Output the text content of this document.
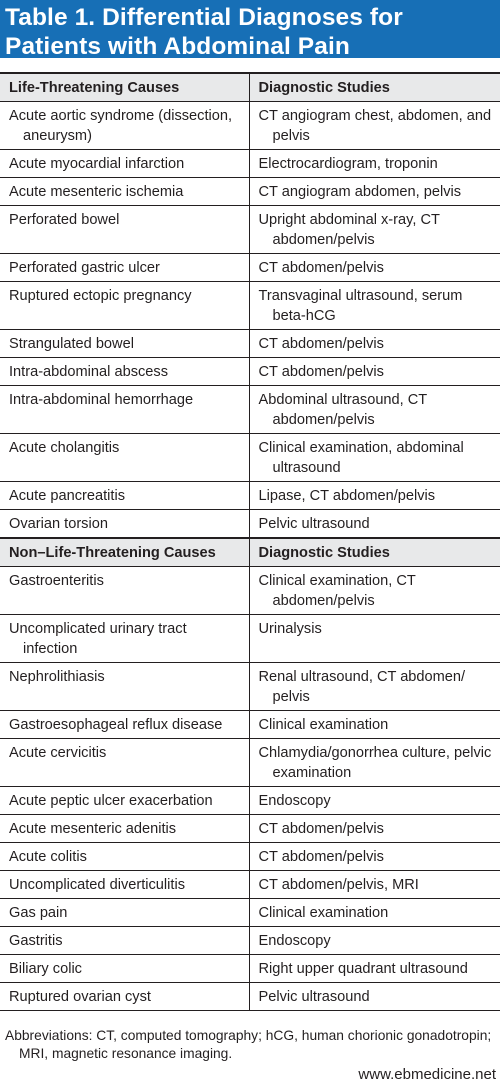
Table 1. Differential Diagnoses for
Patients with Abdominal Pain
Life-Threatening Causes	Diagnostic Studies

Acute aortic syndrome (dissection, aneurysm)	CT angiogram chest, abdomen, and pelvis

Acute myocardial infarction	Electrocardiogram, troponin

Acute mesenteric ischemia	CT angiogram abdomen, pelvis

Perforated bowel	Upright abdominal x-ray, CT abdomen/pelvis

Perforated gastric ulcer	CT abdomen/pelvis

Ruptured ectopic pregnancy	Transvaginal ultrasound, serum beta-hCG

Strangulated bowel	CT abdomen/pelvis

Intra-abdominal abscess	CT abdomen/pelvis

Intra-abdominal hemorrhage	Abdominal ultrasound, CT abdomen/pelvis

Acute cholangitis	Clinical examination, abdominal ultrasound

Acute pancreatitis	Lipase, CT abdomen/pelvis

Ovarian torsion	Pelvic ultrasound

Non–Life-Threatening Causes	Diagnostic Studies

Gastroenteritis	Clinical examination, CT abdomen/pelvis

Uncomplicated urinary tract infection	Urinalysis

Nephrolithiasis	Renal ultrasound, CT abdomen/ pelvis

Gastroesophageal reflux disease	Clinical examination

Acute cervicitis	Chlamydia/gonorrhea culture, pelvic examination

Acute peptic ulcer exacerbation	Endoscopy

Acute mesenteric adenitis	CT abdomen/pelvis

Acute colitis	CT abdomen/pelvis

Uncomplicated diverticulitis	CT abdomen/pelvis, MRI

Gas pain	Clinical examination

Gastritis	Endoscopy

Biliary colic	Right upper quadrant ultrasound

Ruptured ovarian cyst	Pelvic ultrasound
Abbreviations: CT, computed tomography; hCG, human chorionic gonadotropin; MRI, magnetic resonance imaging.
www.ebmedicine.net
